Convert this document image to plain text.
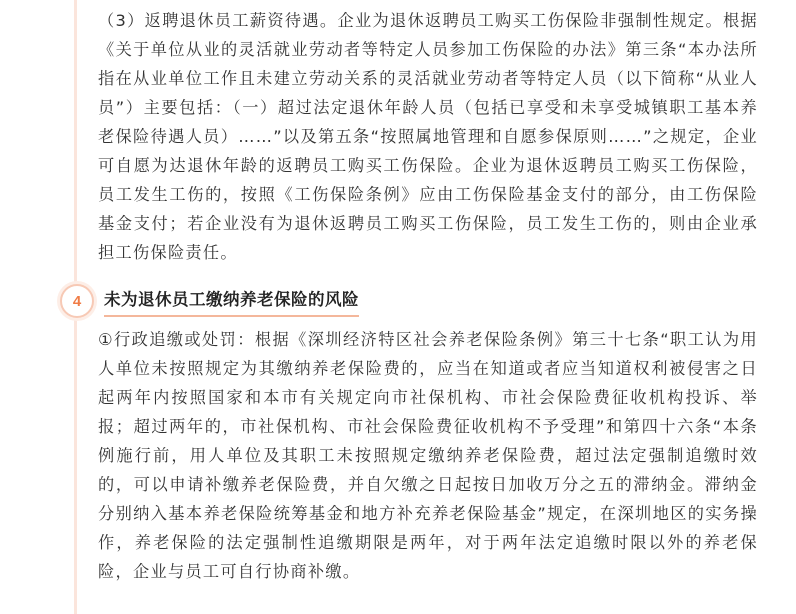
（3）返聘退休员工薪资待遇。企业为退休返聘员工购买工伤保险非强制性规定。根据《关于单位从业的灵活就业劳动者等特定人员参加工伤保险的办法》第三条“本办法所指在从业单位工作且未建立劳动关系的灵活就业劳动者等特定人员（以下简称“从业人员”）主要包括：（一）超过法定退休年龄人员（包括已享受和未享受城镇职工基本养老保险待遇人员）……”以及第五条“按照属地管理和自愿参保原则……”之规定，企业可自愿为达退休年龄的返聘员工购买工伤保险。企业为退休返聘员工购买工伤保险，员工发生工伤的，按照《工伤保险条例》应由工伤保险基金支付的部分，由工伤保险基金支付；若企业没有为退休返聘员工购买工伤保险，员工发生工伤的，则由企业承担工伤保险责任。

4	未为退休员工缴纳养老保险的风险

①行政追缴或处罚：根据《深圳经济特区社会养老保险条例》第三十七条“职工认为用人单位未按照规定为其缴纳养老保险费的，应当在知道或者应当知道权利被侵害之日起两年内按照国家和本市有关规定向市社保机构、市社会保险费征收机构投诉、举报；超过两年的，市社保机构、市社会保险费征收机构不予受理”和第四十六条“本条例施行前，用人单位及其职工未按照规定缴纳养老保险费，超过法定强制追缴时效的，可以申请补缴养老保险费，并自欠缴之日起按日加收万分之五的滞纳金。滞纳金分别纳入基本养老保险统筹基金和地方补充养老保险基金”规定，在深圳地区的实务操作，养老保险的法定强制性追缴期限是两年，对于两年法定追缴时限以外的养老保险，企业与员工可自行协商补缴。
